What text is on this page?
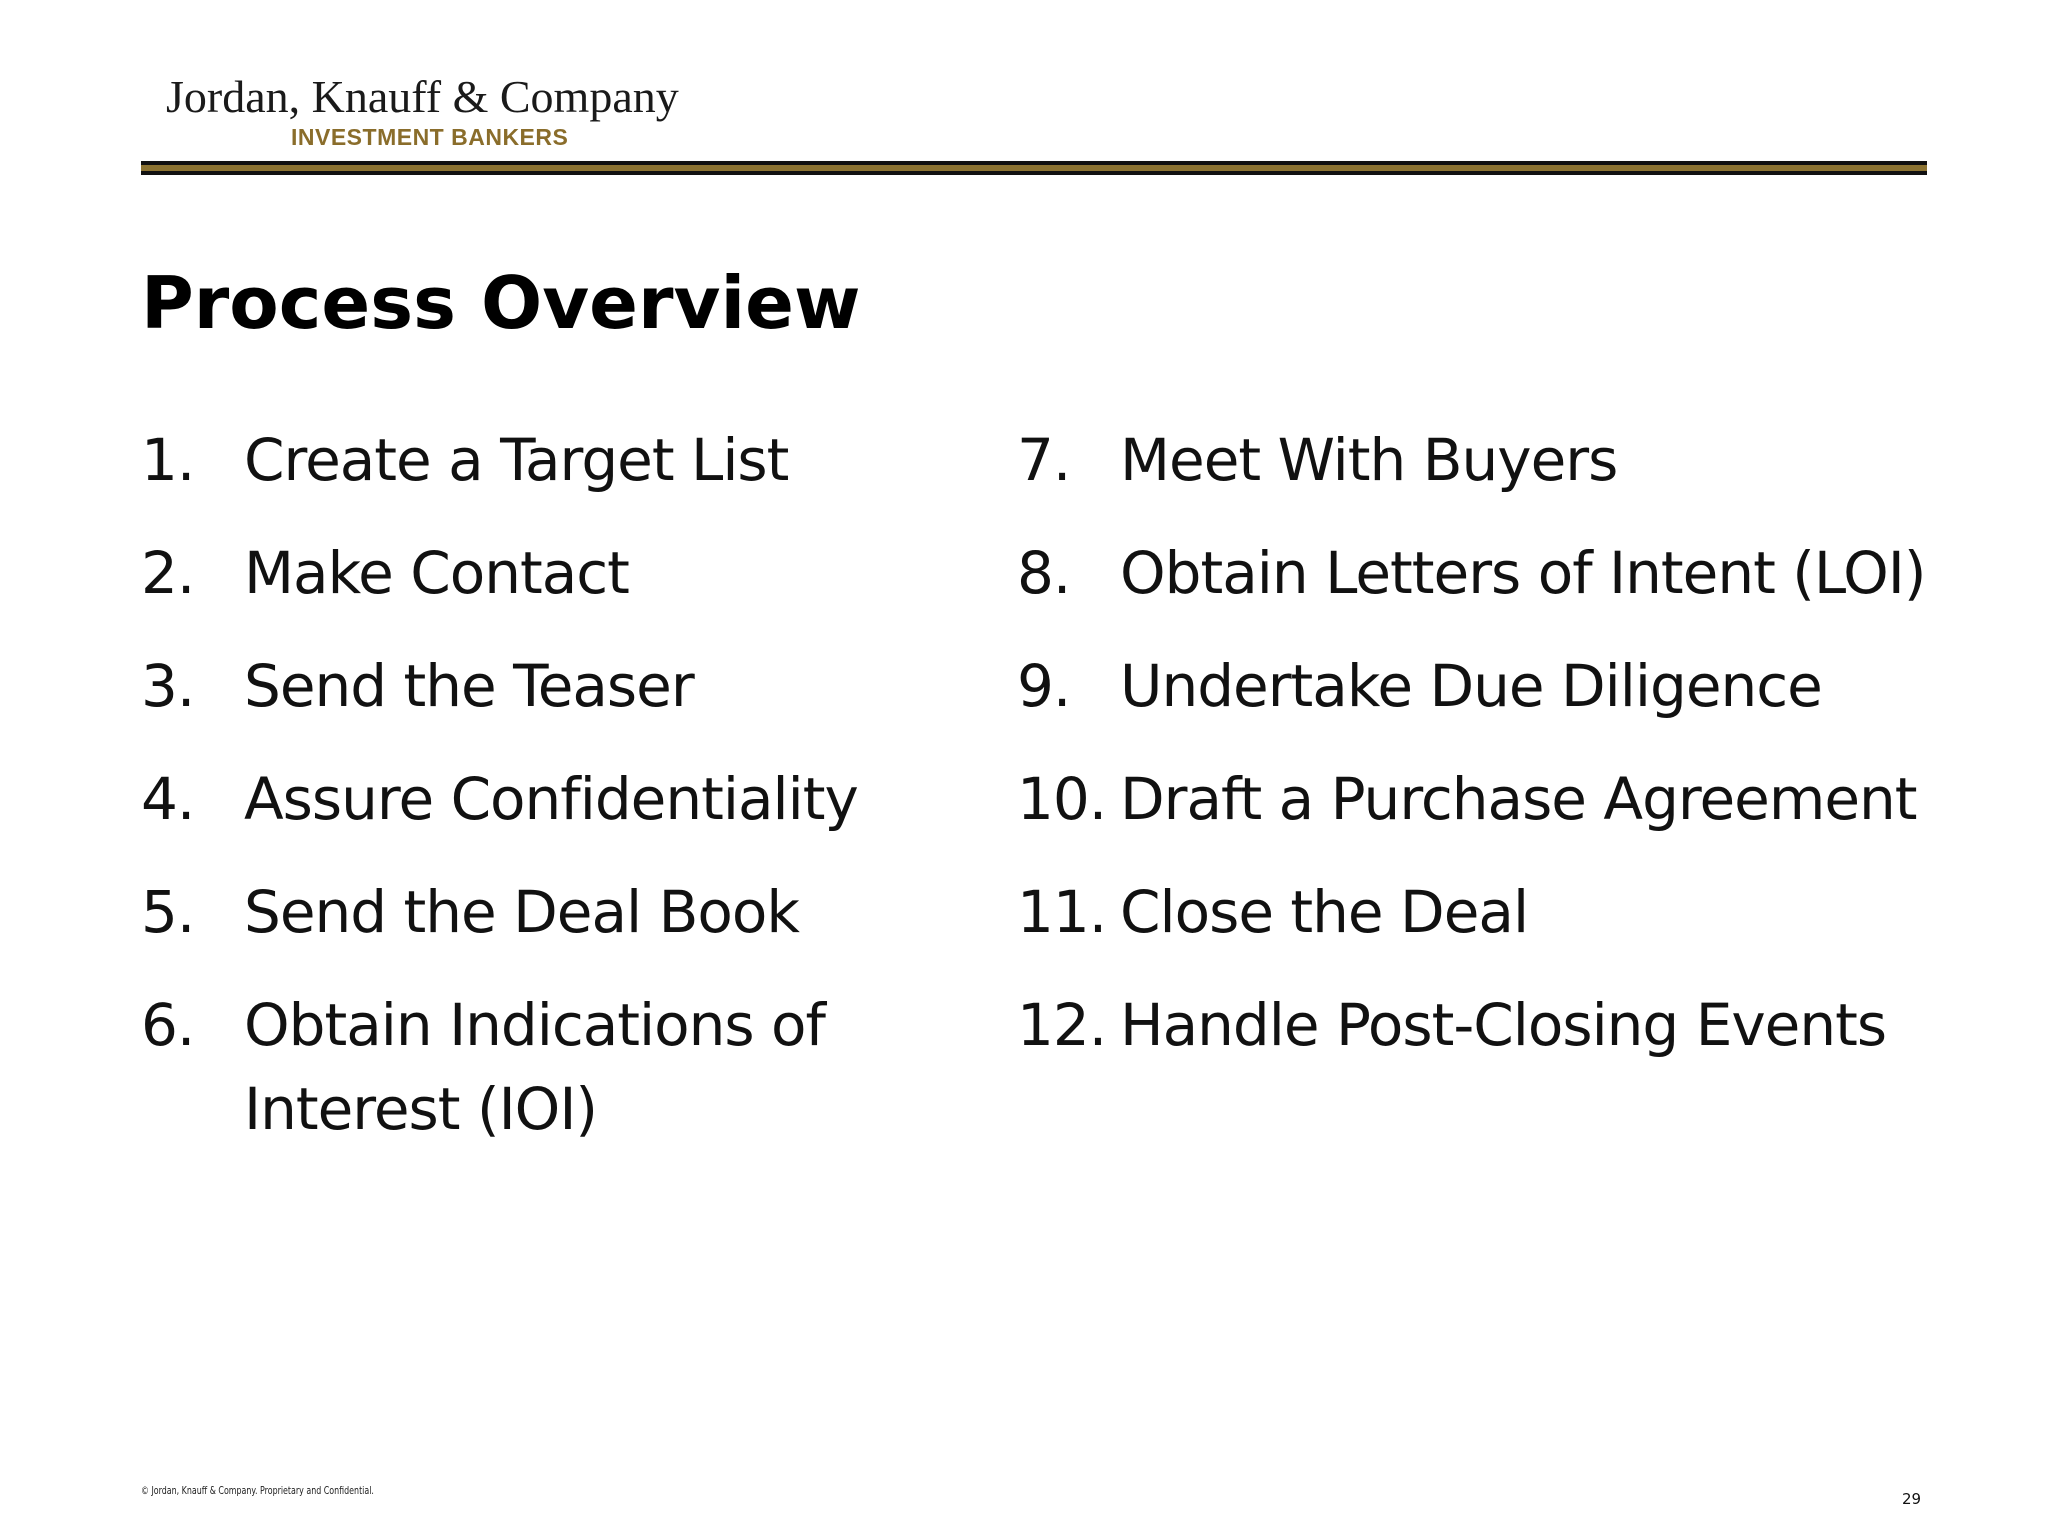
Jordan, Knauff & Company
INVESTMENT BANKERS
Process Overview
1. Create a Target List
2. Make Contact
3. Send the Teaser
4. Assure Confidentiality
5. Send the Deal Book
6. Obtain Indications of Interest (IOI)
7. Meet With Buyers
8. Obtain Letters of Intent (LOI)
9. Undertake Due Diligence
10. Draft a Purchase Agreement
11. Close the Deal
12. Handle Post-Closing Events
© Jordan, Knauff & Company. Proprietary and Confidential.	29
